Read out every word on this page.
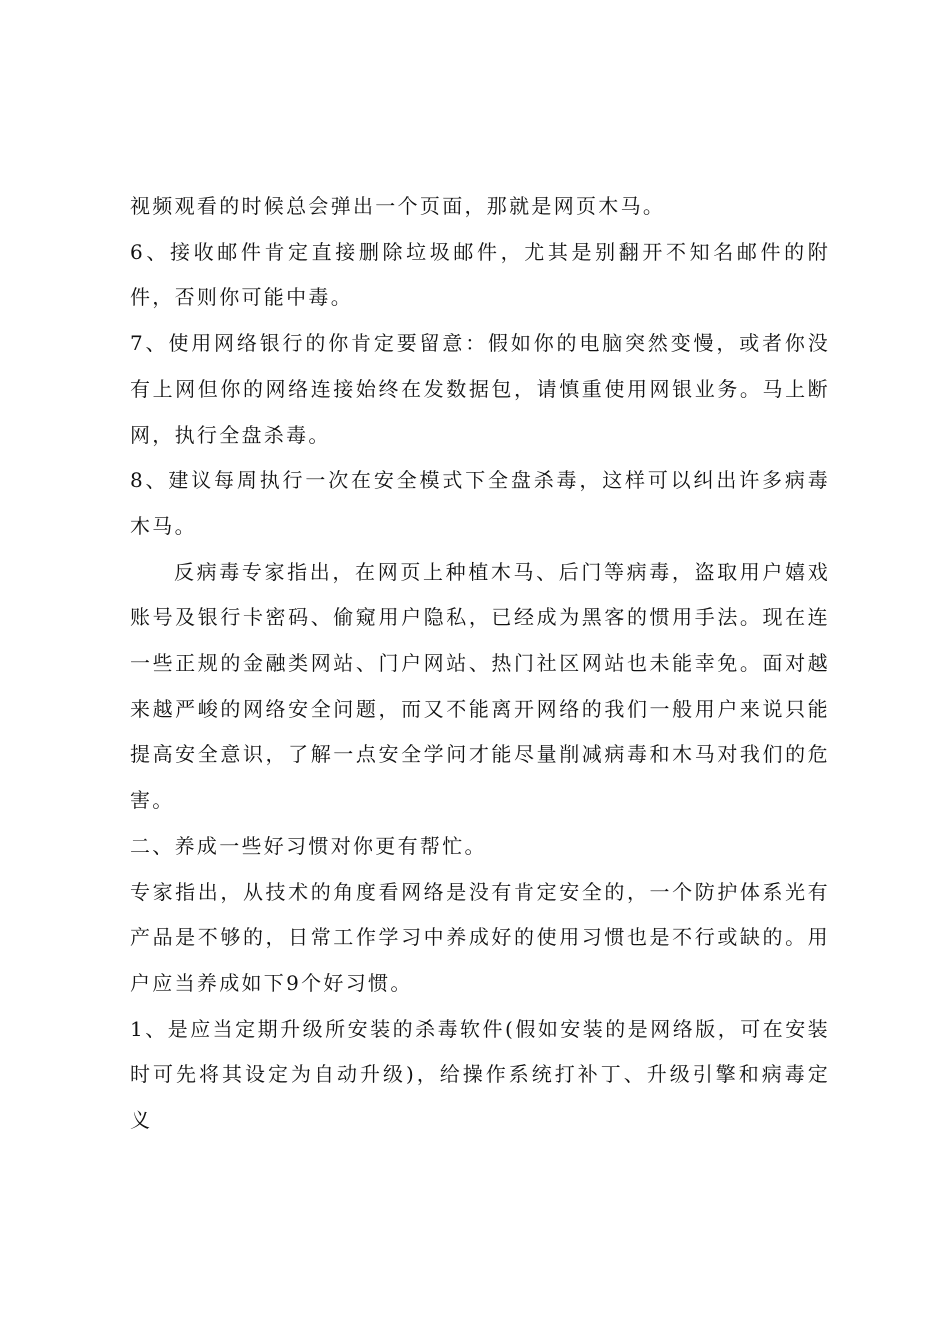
视频观看的时候总会弹出一个页面，那就是网页木马。

6、接收邮件肯定直接删除垃圾邮件，尤其是别翻开不知名邮件的附件，否则你可能中毒。

7、使用网络银行的你肯定要留意：假如你的电脑突然变慢，或者你没有上网但你的网络连接始终在发数据包，请慎重使用网银业务。马上断网，执行全盘杀毒。

8、建议每周执行一次在安全模式下全盘杀毒，这样可以纠出许多病毒木马。

反病毒专家指出，在网页上种植木马、后门等病毒，盗取用户嬉戏账号及银行卡密码、偷窥用户隐私，已经成为黑客的惯用手法。现在连一些正规的金融类网站、门户网站、热门社区网站也未能幸免。面对越来越严峻的网络安全问题，而又不能离开网络的我们一般用户来说只能提高安全意识，了解一点安全学问才能尽量削减病毒和木马对我们的危害。

二、养成一些好习惯对你更有帮忙。

专家指出，从技术的角度看网络是没有肯定安全的，一个防护体系光有产品是不够的，日常工作学习中养成好的使用习惯也是不行或缺的。用户应当养成如下9个好习惯。

1、是应当定期升级所安装的杀毒软件(假如安装的是网络版，可在安装时可先将其设定为自动升级)，给操作系统打补丁、升级引擎和病毒定义
